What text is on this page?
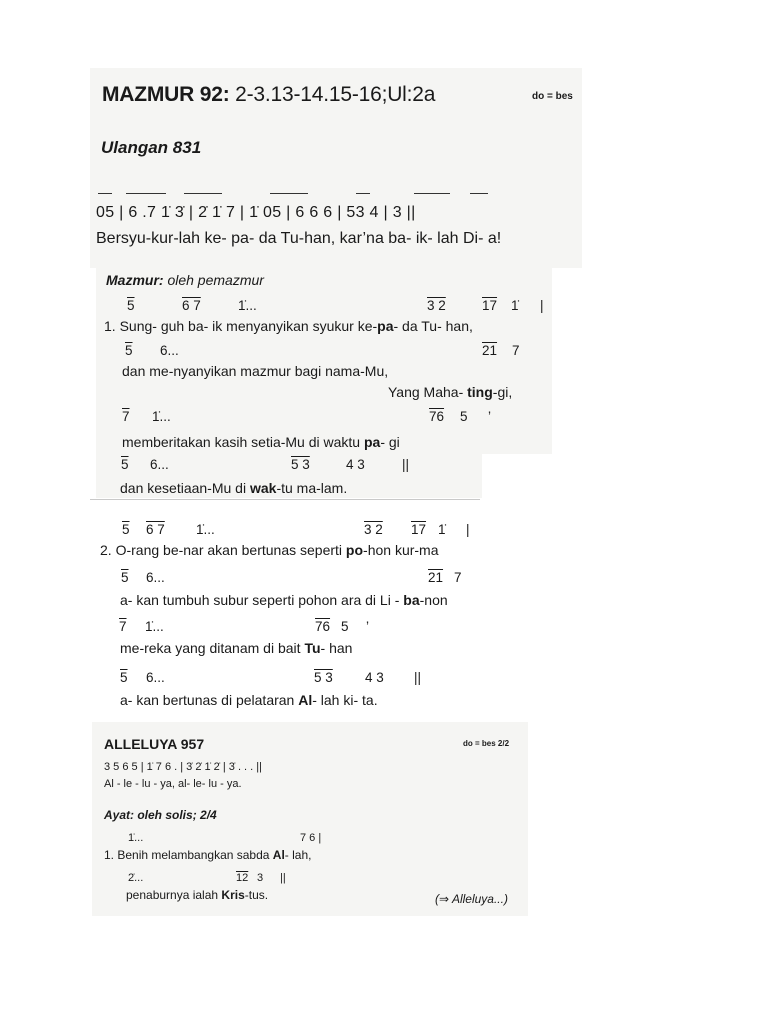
MAZMUR 92: 2-3.13-14.15-16;Ul:2a	do = bes
Ulangan 831
05 | 6 .7 1̇ 3̇ | 2̇ 1̇ 7 | 1̇ 05 | 6 6 6 | 53 4 | 3 ||
Bersyu-kur-lah ke- pa- da Tu-han, kar’na ba- ik- lah Di- a!
Mazmur: oleh pemazmur
5	6 7	1̇...	3 2	17 1̇ |
1. Sung- guh ba- ik menyanyikan syukur ke-pa- da Tu- han,
5 6...	21 7
dan me-nyanyikan mazmur bagi nama-Mu,
Yang Maha- ting-gi,
7 1̇...	76 5 ’
memberitakan kasih setia-Mu di waktu pa- gi
5 6...	5 3	4 3	||
dan kesetiaan-Mu di wak-tu ma-lam.
5 6 7 1̇...	3 2 17 1̇ |
2. O-rang be-nar akan bertunas seperti po-hon kur-ma
5 6...	21 7
a- kan tumbuh subur seperti pohon ara di Li - ba-non
7 1̇...	76 5 ’
me-reka yang ditanam di bait Tu- han
5 6...	5 3 4 3 ||
a- kan bertunas di pelataran Al- lah ki- ta.
ALLELUYA 957	do = bes 2/2
3 5 6 5 | 1̇ 7 6 . | 3̇ 2̇ 1̇ 2̇ | 3̇ . . . ||
Al - le - lu - ya, al- le- lu - ya.
Ayat: oleh solis; 2/4
1̇...	7 6 |
1. Benih melambangkan sabda Al- lah,
2̇...	12 3 ||
penaburnya ialah Kris-tus.	(⇒ Alleluya...)
